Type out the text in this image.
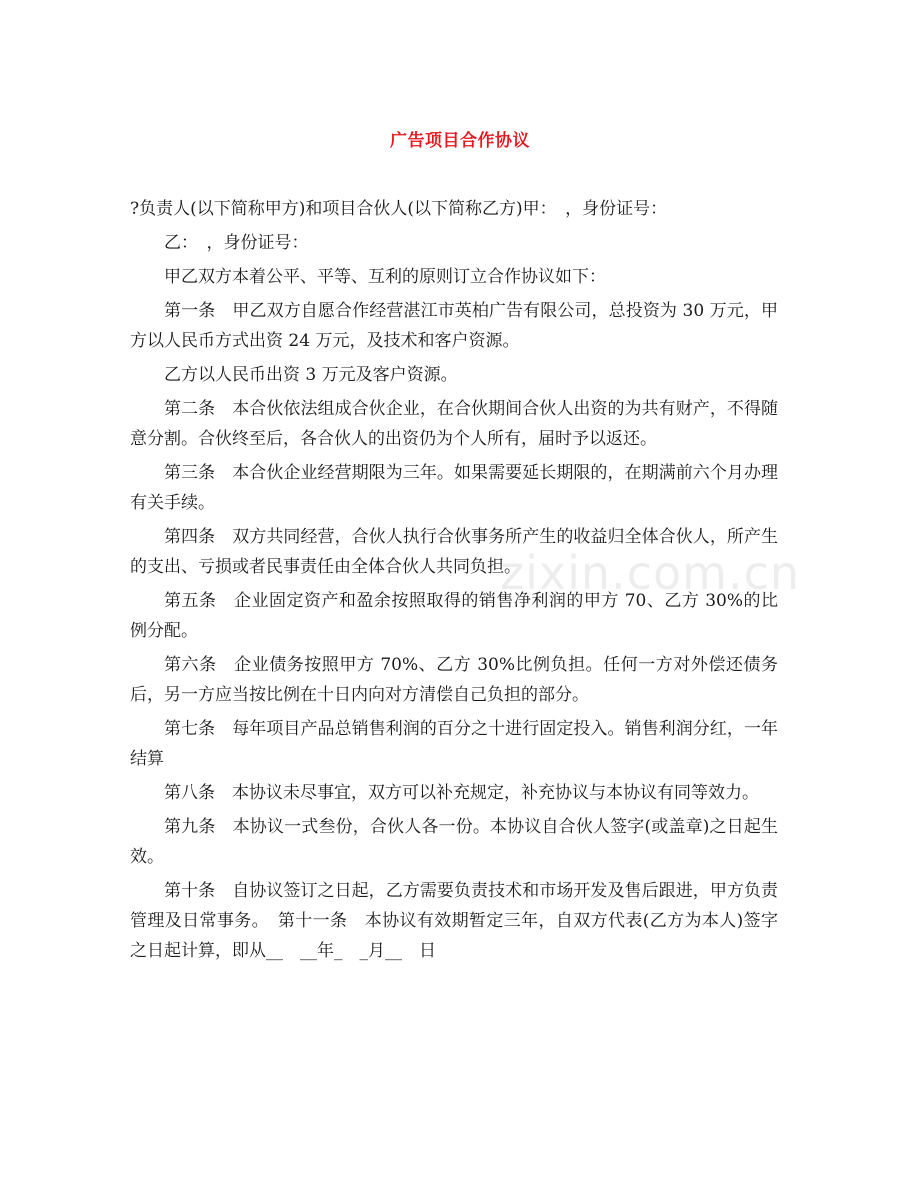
广告项目合作协议
zixin.com.cn

?负责人(以下简称甲方)和项目合伙人(以下简称乙方)甲：　，身份证号：

乙：　，身份证号：

甲乙双方本着公平、平等、互利的原则订立合作协议如下：

第一条　甲乙双方自愿合作经营湛江市英柏广告有限公司，总投资为 30 万元，甲方以人民币方式出资 24 万元，及技术和客户资源。

乙方以人民币出资 3 万元及客户资源。

第二条　本合伙依法组成合伙企业，在合伙期间合伙人出资的为共有财产，不得随意分割。合伙终至后，各合伙人的出资仍为个人所有，届时予以返还。

第三条　本合伙企业经营期限为三年。如果需要延长期限的，在期满前六个月办理有关手续。

第四条　双方共同经营，合伙人执行合伙事务所产生的收益归全体合伙人，所产生的支出、亏损或者民事责任由全体合伙人共同负担。

第五条　企业固定资产和盈余按照取得的销售净利润的甲方 70、乙方 30%的比例分配。

第六条　企业债务按照甲方 70%、乙方 30%比例负担。任何一方对外偿还债务后，另一方应当按比例在十日内向对方清偿自己负担的部分。

第七条　每年项目产品总销售利润的百分之十进行固定投入。销售利润分红，一年结算

第八条　本协议未尽事宜，双方可以补充规定，补充协议与本协议有同等效力。

第九条　本协议一式叁份，合伙人各一份。本协议自合伙人签字(或盖章)之日起生效。

第十条　自协议签订之日起，乙方需要负责技术和市场开发及售后跟进，甲方负责管理及日常事务。　第十一条　本协议有效期暂定三年，自双方代表(乙方为本人)签字之日起计算，即从__　__年_　_月__　日
